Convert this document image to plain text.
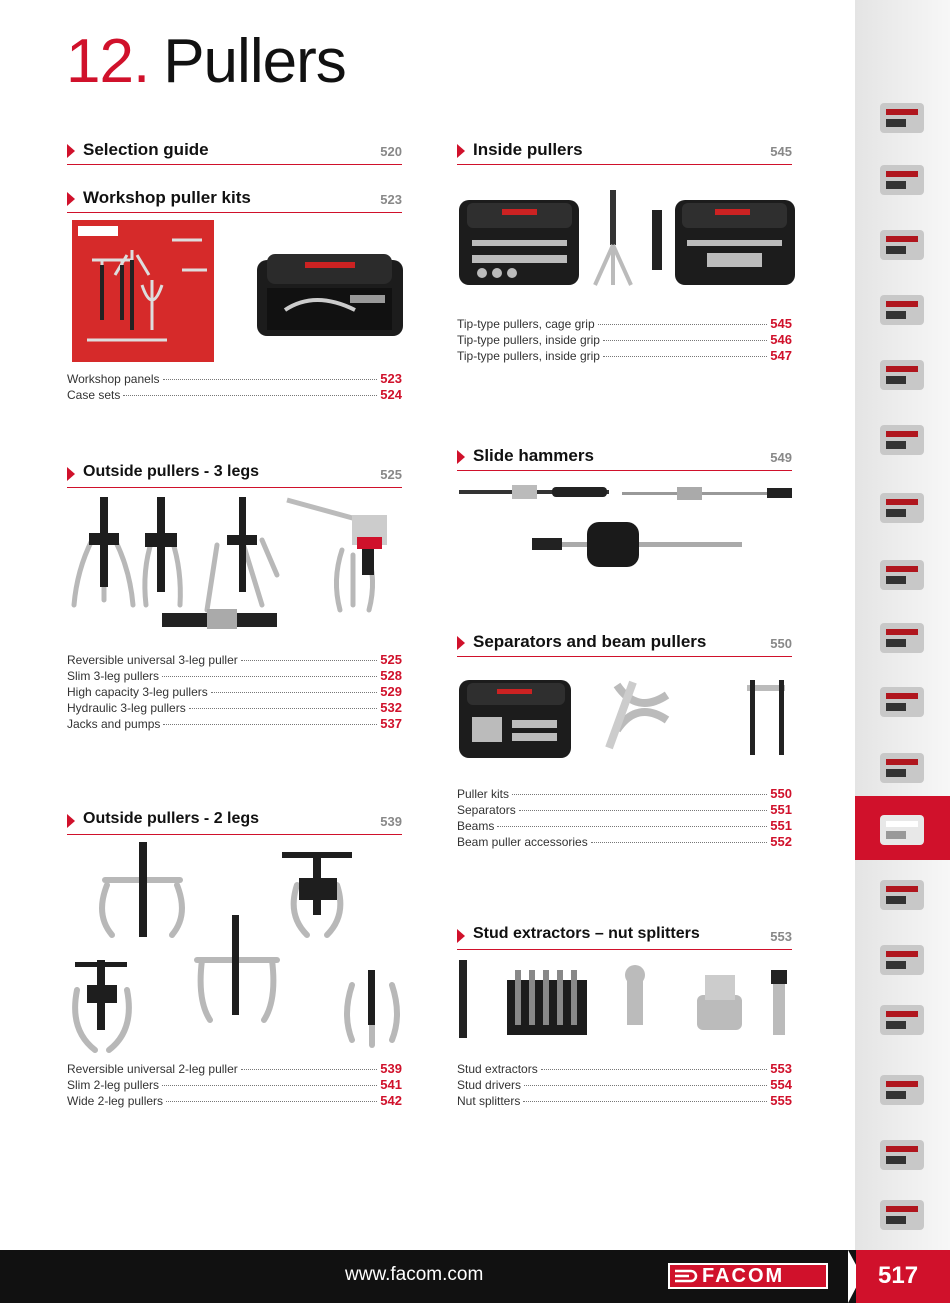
12. Pullers
Selection guide	520
Workshop puller kits	523
Workshop panels	523
Case sets	524
Outside pullers - 3 legs	525
Reversible universal 3-leg puller	525
Slim 3-leg pullers	528
High capacity 3-leg pullers	529
Hydraulic 3-leg pullers	532
Jacks and pumps	537
Outside pullers - 2 legs	539
Reversible universal 2-leg puller	539
Slim 2-leg pullers	541
Wide 2-leg pullers	542
Inside pullers	545
Tip-type pullers, cage grip	545
Tip-type pullers, inside grip	546
Tip-type pullers, inside grip	547
Slide hammers	549
Separators and beam pullers	550
Puller kits	550
Separators	551
Beams	551
Beam puller accessories	552
Stud extractors – nut splitters	553
Stud extractors	553
Stud drivers	554
Nut splitters	555
www.facom.com	FACOM	517
